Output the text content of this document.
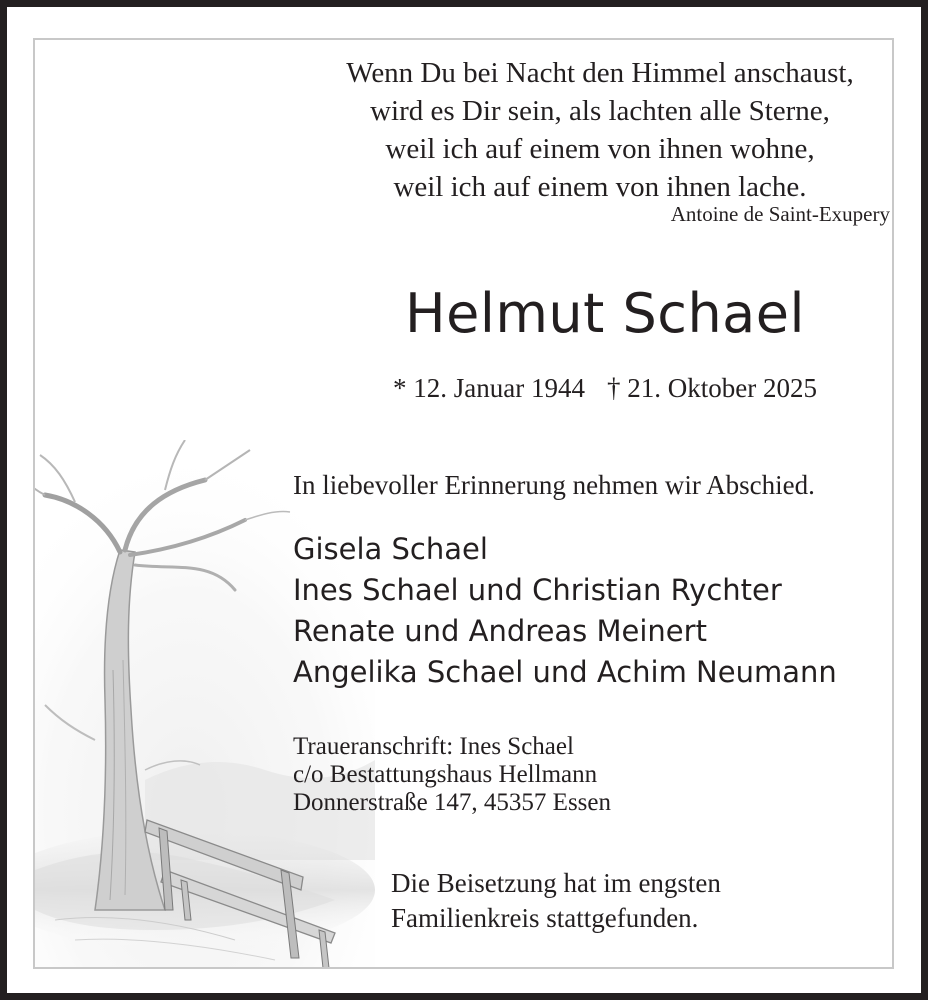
Wenn Du bei Nacht den Himmel anschaust,
wird es Dir sein, als lachten alle Sterne,
weil ich auf einem von ihnen wohne,
weil ich auf einem von ihnen lache.
Antoine de Saint-Exupery
Helmut Schael
* 12. Januar 1944 † 21. Oktober 2025
In liebevoller Erinnerung nehmen wir Abschied.
Gisela Schael
Ines Schael und Christian Rychter
Renate und Andreas Meinert
Angelika Schael und Achim Neumann
Traueranschrift: Ines Schael
c/o Bestattungshaus Hellmann
Donnerstraße 147, 45357 Essen
Die Beisetzung hat im engsten
Familienkreis stattgefunden.
